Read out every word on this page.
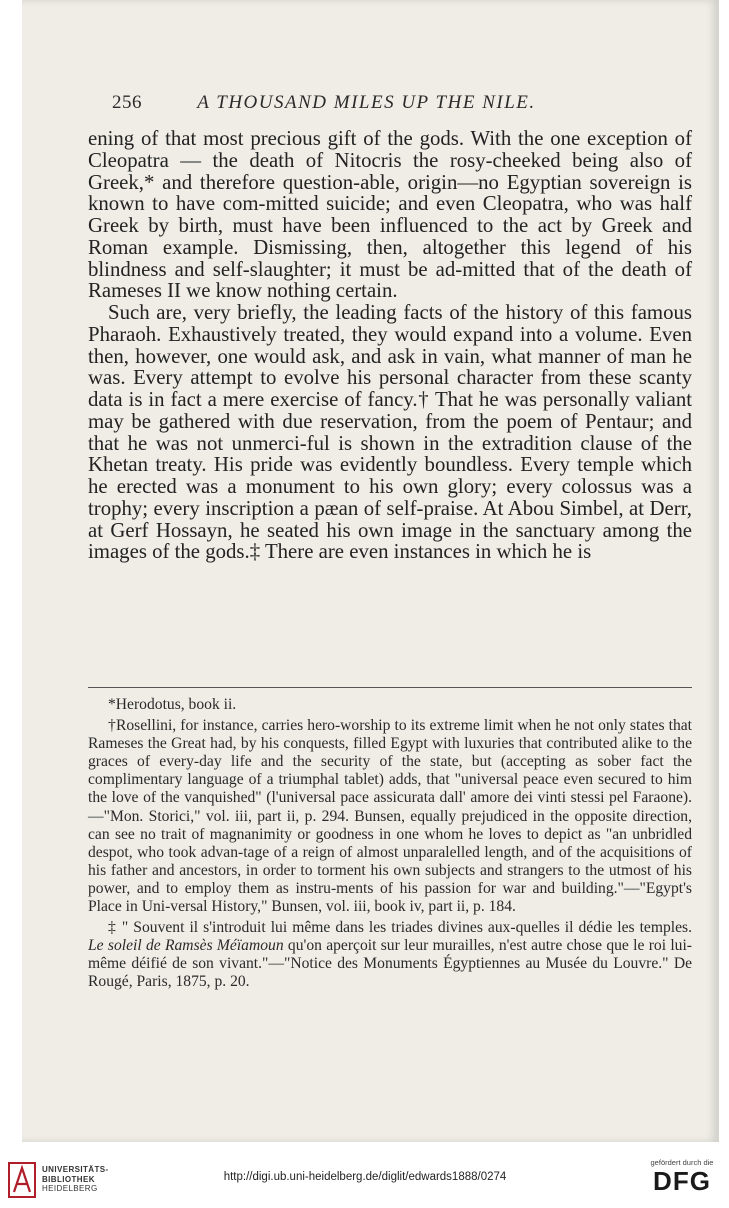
256	A THOUSAND MILES UP THE NILE.

ening of that most precious gift of the gods. With the one exception of Cleopatra — the death of Nitocris the rosy-cheeked being also of Greek,* and therefore question-able, origin—no Egyptian sovereign is known to have com-mitted suicide; and even Cleopatra, who was half Greek by birth, must have been influenced to the act by Greek and Roman example. Dismissing, then, altogether this legend of his blindness and self-slaughter; it must be ad-mitted that of the death of Rameses II we know nothing certain.

Such are, very briefly, the leading facts of the history of this famous Pharaoh. Exhaustively treated, they would expand into a volume. Even then, however, one would ask, and ask in vain, what manner of man he was. Every attempt to evolve his personal character from these scanty data is in fact a mere exercise of fancy.† That he was personally valiant may be gathered with due reservation, from the poem of Pentaur; and that he was not unmerci-ful is shown in the extradition clause of the Khetan treaty. His pride was evidently boundless. Every temple which he erected was a monument to his own glory; every colossus was a trophy; every inscription a pæan of self-praise. At Abou Simbel, at Derr, at Gerf Hossayn, he seated his own image in the sanctuary among the images of the gods.‡ There are even instances in which he is

*Herodotus, book ii.

†Rosellini, for instance, carries hero-worship to its extreme limit when he not only states that Rameses the Great had, by his conquests, filled Egypt with luxuries that contributed alike to the graces of every-day life and the security of the state, but (accepting as sober fact the complimentary language of a triumphal tablet) adds, that "universal peace even secured to him the love of the vanquished" (l'universal pace assicurata dall' amore dei vinti stessi pel Faraone).—"Mon. Storici," vol. iii, part ii, p. 294. Bunsen, equally prejudiced in the opposite direction, can see no trait of magnanimity or goodness in one whom he loves to depict as "an unbridled despot, who took advan-tage of a reign of almost unparalelled length, and of the acquisitions of his father and ancestors, in order to torment his own subjects and strangers to the utmost of his power, and to employ them as instru-ments of his passion for war and building."—"Egypt's Place in Uni-versal History," Bunsen, vol. iii, book iv, part ii, p. 184.

‡ " Souvent il s'introduit lui même dans les triades divines aux-quelles il dédie les temples. Le soleil de Ramsès Méïamoun qu'on aperçoit sur leur murailles, n'est autre chose que le roi lui-même déifié de son vivant."—"Notice des Monuments Égyptiennes au Musée du Louvre." De Rougé, Paris, 1875, p. 20.

UNIVERSITÄTS-
BIBLIOTHEK
HEIDELBERG
http://digi.ub.uni-heidelberg.de/diglit/edwards1888/0274
gefördert durch die
DFG
